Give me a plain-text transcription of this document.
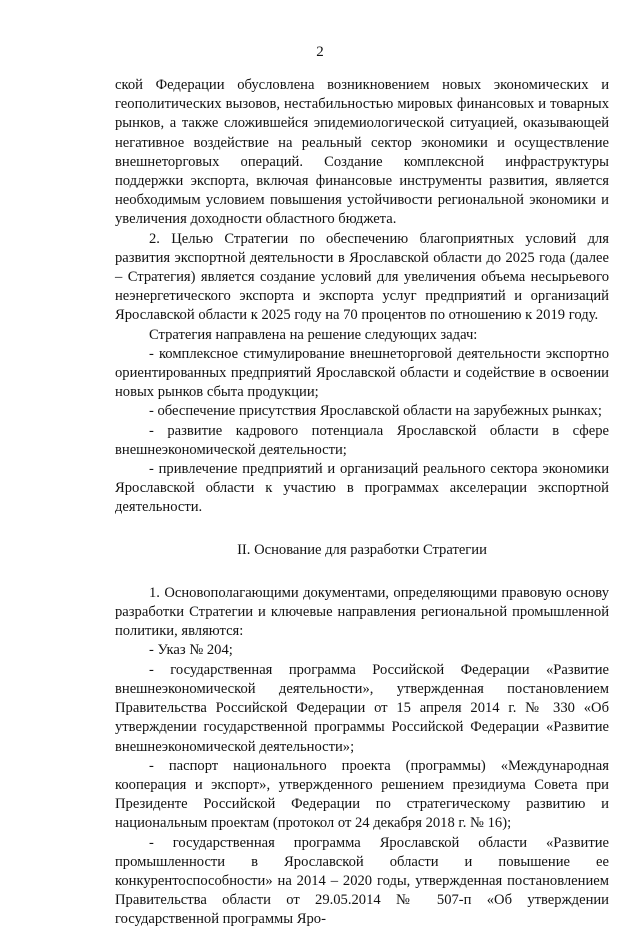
2

ской Федерации обусловлена возникновением новых экономических и геополитических вызовов, нестабильностью мировых финансовых и товарных рынков, а также сложившейся эпидемиологической ситуацией, оказывающей негативное воздействие на реальный сектор экономики и осуществление внешнеторговых операций. Создание комплексной инфраструктуры поддержки экспорта, включая финансовые инструменты развития, является необходимым условием повышения устойчивости региональной экономики и увеличения доходности областного бюджета.

2. Целью Стратегии по обеспечению благоприятных условий для развития экспортной деятельности в Ярославской области до 2025 года (далее – Стратегия) является создание условий для увеличения объема несырьевого неэнергетического экспорта и экспорта услуг предприятий и организаций Ярославской области к 2025 году на 70 процентов по отношению к 2019 году.

Стратегия направлена на решение следующих задач:

- комплексное стимулирование внешнеторговой деятельности экспортно ориентированных предприятий Ярославской области и содействие в освоении новых рынков сбыта продукции;

- обеспечение присутствия Ярославской области на зарубежных рынках;

- развитие кадрового потенциала Ярославской области в сфере внешнеэкономической деятельности;

- привлечение предприятий и организаций реального сектора экономики Ярославской области к участию в программах акселерации экспортной деятельности.

II. Основание для разработки Стратегии

1. Основополагающими документами, определяющими правовую основу разработки Стратегии и ключевые направления региональной промышленной политики, являются:

- Указ № 204;

- государственная программа Российской Федерации «Развитие внешнеэкономической деятельности», утвержденная постановлением Правительства Российской Федерации от 15 апреля 2014 г. № 330 «Об утверждении государственной программы Российской Федерации «Развитие внешнеэкономической деятельности»;

- паспорт национального проекта (программы) «Международная кооперация и экспорт», утвержденного решением президиума Совета при Президенте Российской Федерации по стратегическому развитию и национальным проектам (протокол от 24 декабря 2018 г. № 16);

- государственная программа Ярославской области «Развитие промышленности в Ярославской области и повышение ее конкурентоспособности» на 2014 – 2020 годы, утвержденная постановлением Правительства области от 29.05.2014 № 507-п «Об утверждении государственной программы Яро-
